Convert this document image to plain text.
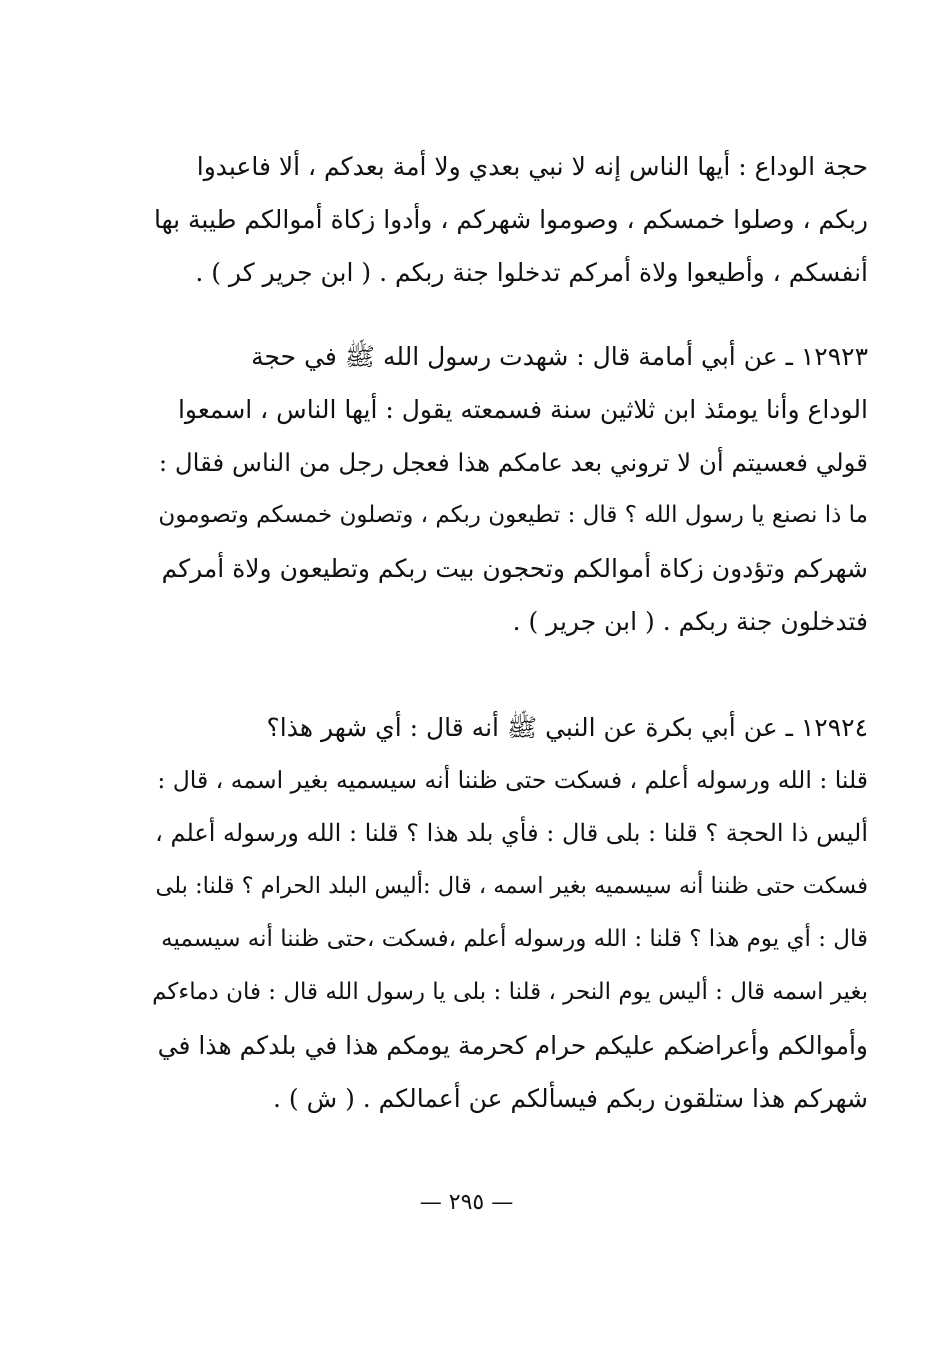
حجة الوداع : أيها الناس إنه لا نبي بعدي ولا أمة بعدكم ، ألا فاعبدوا
ربكم ، وصلوا خمسكم ، وصوموا شهركم ، وأدوا زكاة أموالكم طيبة بها
أنفسكم ، وأطيعوا ولاة أمركم تدخلوا جنة ربكم . ( ابن جرير كر ) .
١٢٩٢٣ ـ عن أبي أمامة قال : شهدت رسول الله ﷺ في حجة
الوداع وأنا يومئذ ابن ثلاثين سنة فسمعته يقول : أيها الناس ، اسمعوا
قولي فعسيتم أن لا تروني بعد عامكم هذا فعجل رجل من الناس فقال :
ما ذا نصنع يا رسول الله ؟ قال : تطيعون ربكم ، وتصلون خمسكم وتصومون
شهركم وتؤدون زكاة أموالكم وتحجون بيت ربكم وتطيعون ولاة أمركم
فتدخلون جنة ربكم . ( ابن جرير ) .
١٢٩٢٤ ـ عن أبي بكرة عن النبي ﷺ أنه قال : أي شهر هذا؟
قلنا : الله ورسوله أعلم ، فسكت حتى ظننا أنه سيسميه بغير اسمه ، قال :
أليس ذا الحجة ؟ قلنا : بلى قال : فأي بلد هذا ؟ قلنا : الله ورسوله أعلم ،
فسكت حتى ظننا أنه سيسميه بغير اسمه ، قال :أليس البلد الحرام ؟ قلنا: بلى
قال : أي يوم هذا ؟ قلنا : الله ورسوله أعلم ،فسكت ،حتى ظننا أنه سيسميه
بغير اسمه قال : أليس يوم النحر ، قلنا : بلى يا رسول الله قال : فان دماءكم
وأموالكم وأعراضكم عليكم حرام كحرمة يومكم هذا في بلدكم هذا في
شهركم هذا ستلقون ربكم فيسألكم عن أعمالكم . ( ش ) .
— ٢٩٥ —
